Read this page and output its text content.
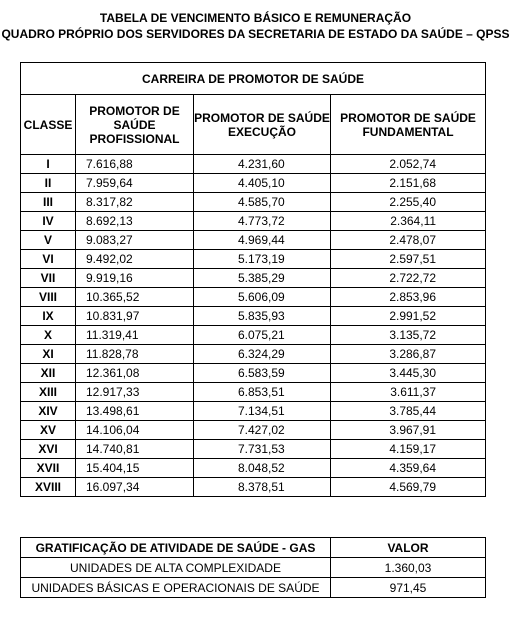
TABELA DE VENCIMENTO BÁSICO E REMUNERAÇÃO
QUADRO PRÓPRIO DOS SERVIDORES DA SECRETARIA DE ESTADO DA SAÚDE – QPSS
CARREIRA DE PROMOTOR DE SAÚDE			
CLASSE	PROMOTOR DE SAÚDE PROFISSIONAL	PROMOTOR DE SAÚDE EXECUÇÃO	PROMOTOR DE SAÚDE FUNDAMENTAL
I	7.616,88	4.231,60	2.052,74
II	7.959,64	4.405,10	2.151,68
III	8.317,82	4.585,70	2.255,40
IV	8.692,13	4.773,72	2.364,11
V	9.083,27	4.969,44	2.478,07
VI	9.492,02	5.173,19	2.597,51
VII	9.919,16	5.385,29	2.722,72
VIII	10.365,52	5.606,09	2.853,96
IX	10.831,97	5.835,93	2.991,52
X	11.319,41	6.075,21	3.135,72
XI	11.828,78	6.324,29	3.286,87
XII	12.361,08	6.583,59	3.445,30
XIII	12.917,33	6.853,51	3.611,37
XIV	13.498,61	7.134,51	3.785,44
XV	14.106,04	7.427,02	3.967,91
XVI	14.740,81	7.731,53	4.159,17
XVII	15.404,15	8.048,52	4.359,64
XVIII	16.097,34	8.378,51	4.569,79
GRATIFICAÇÃO DE ATIVIDADE DE SAÚDE - GAS	VALOR
UNIDADES DE ALTA COMPLEXIDADE	1.360,03
UNIDADES BÁSICAS E OPERACIONAIS DE SAÚDE	971,45
